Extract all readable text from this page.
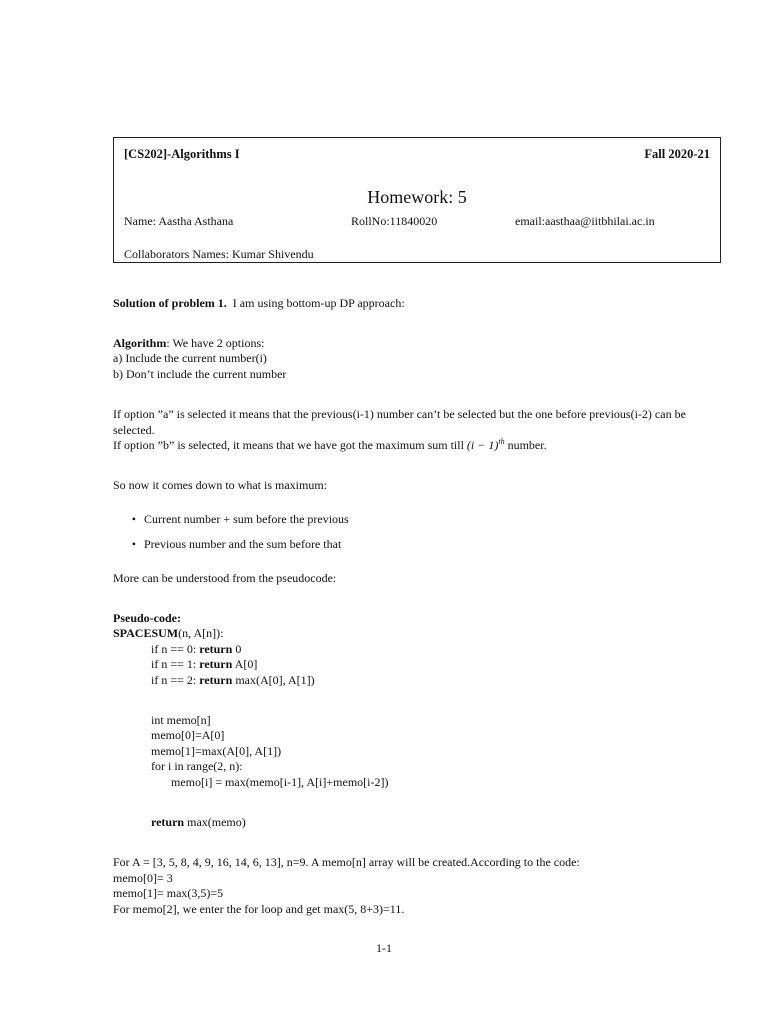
[CS202]-Algorithms I	Fall 2020-21
Homework: 5
Name: Aastha Asthana	RollNo:11840020	email:aasthaa@iitbhilai.ac.in
Collaborators Names: Kumar Shivendu

Solution of problem 1. I am using bottom-up DP approach:

Algorithm: We have 2 options:

a) Include the current number(i)

b) Don’t include the current number

If option ”a” is selected it means that the previous(i-1) number can’t be selected but the one before previous(i-2) can be selected.

If option ”b” is selected, it means that we have got the maximum sum till $(i - 1)^{th}$ number.

So now it comes down to what is maximum:

• Current number + sum before the previous
• Previous number and the sum before that

More can be understood from the pseudocode:

Pseudo-code:
SPACESUM(n, A[n]):
if n == 0: return 0
if n == 1: return A[0]
if n == 2: return max(A[0], A[1])
int memo[n]
memo[0]=A[0]
memo[1]=max(A[0], A[1])
for i in range(2, n):
memo[i] = max(memo[i-1], A[i]+memo[i-2])
return max(memo)

For A = [3, 5, 8, 4, 9, 16, 14, 6, 13], n=9. A memo[n] array will be created.According to the code:

memo[0]= 3

memo[1]= max(3,5)=5

For memo[2], we enter the for loop and get max(5, 8+3)=11.

1-1
